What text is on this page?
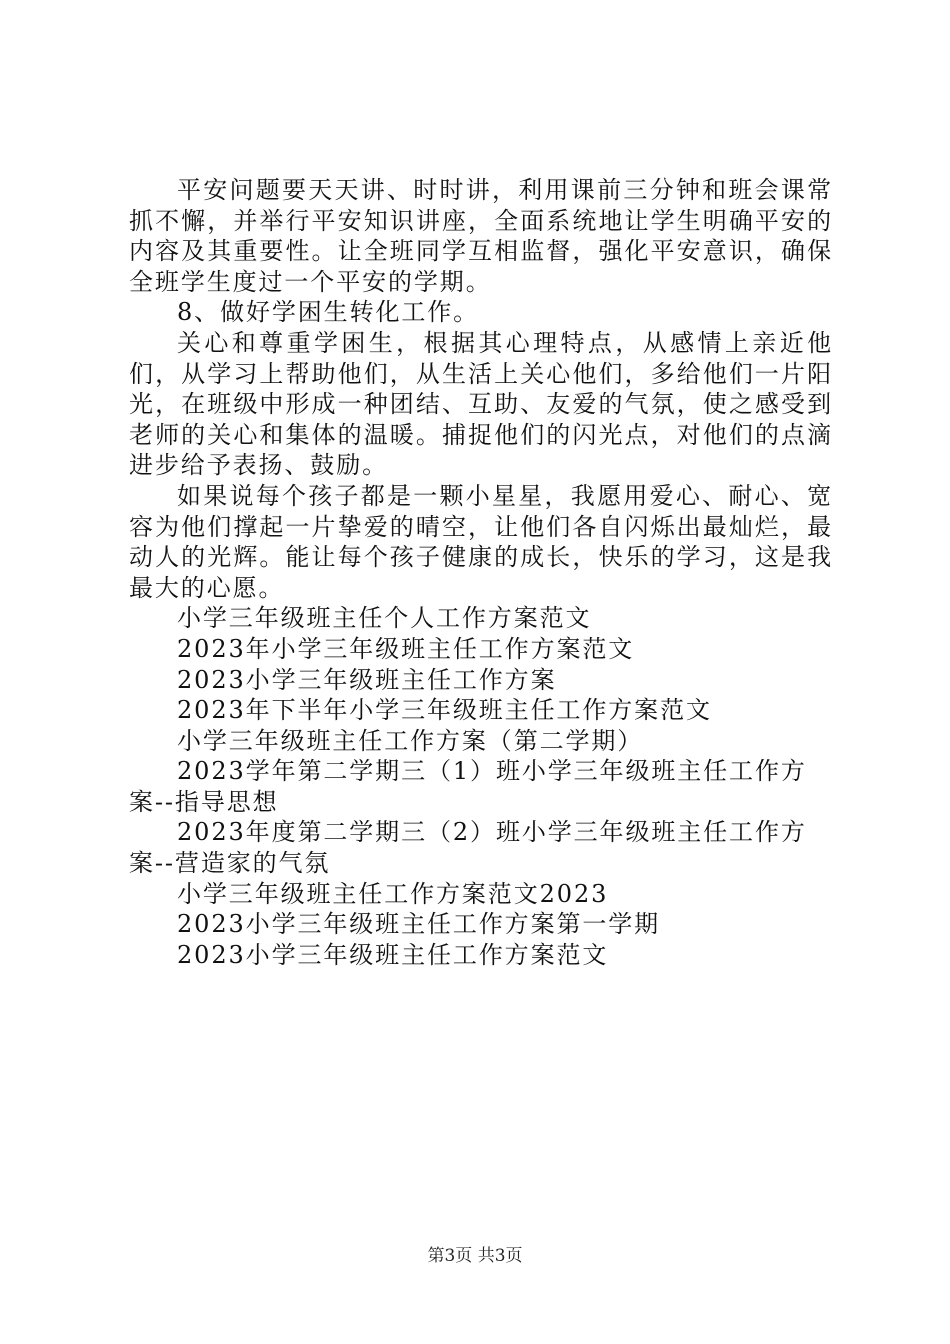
平安问题要天天讲、时时讲，利用课前三分钟和班会课常抓不懈，并举行平安知识讲座，全面系统地让学生明确平安的内容及其重要性。让全班同学互相监督，强化平安意识，确保全班学生度过一个平安的学期。

8、做好学困生转化工作。

关心和尊重学困生，根据其心理特点，从感情上亲近他们，从学习上帮助他们，从生活上关心他们，多给他们一片阳光，在班级中形成一种团结、互助、友爱的气氛，使之感受到老师的关心和集体的温暖。捕捉他们的闪光点，对他们的点滴进步给予表扬、鼓励。

如果说每个孩子都是一颗小星星，我愿用爱心、耐心、宽容为他们撑起一片挚爱的晴空，让他们各自闪烁出最灿烂，最动人的光辉。能让每个孩子健康的成长，快乐的学习，这是我最大的心愿。

小学三年级班主任个人工作方案范文
2023年小学三年级班主任工作方案范文
2023小学三年级班主任工作方案
2023年下半年小学三年级班主任工作方案范文
小学三年级班主任工作方案（第二学期）
2023学年第二学期三（1）班小学三年级班主任工作方案--指导思想
2023年度第二学期三（2）班小学三年级班主任工作方案--营造家的气氛
小学三年级班主任工作方案范文2023
2023小学三年级班主任工作方案第一学期
2023小学三年级班主任工作方案范文
第3页 共3页
